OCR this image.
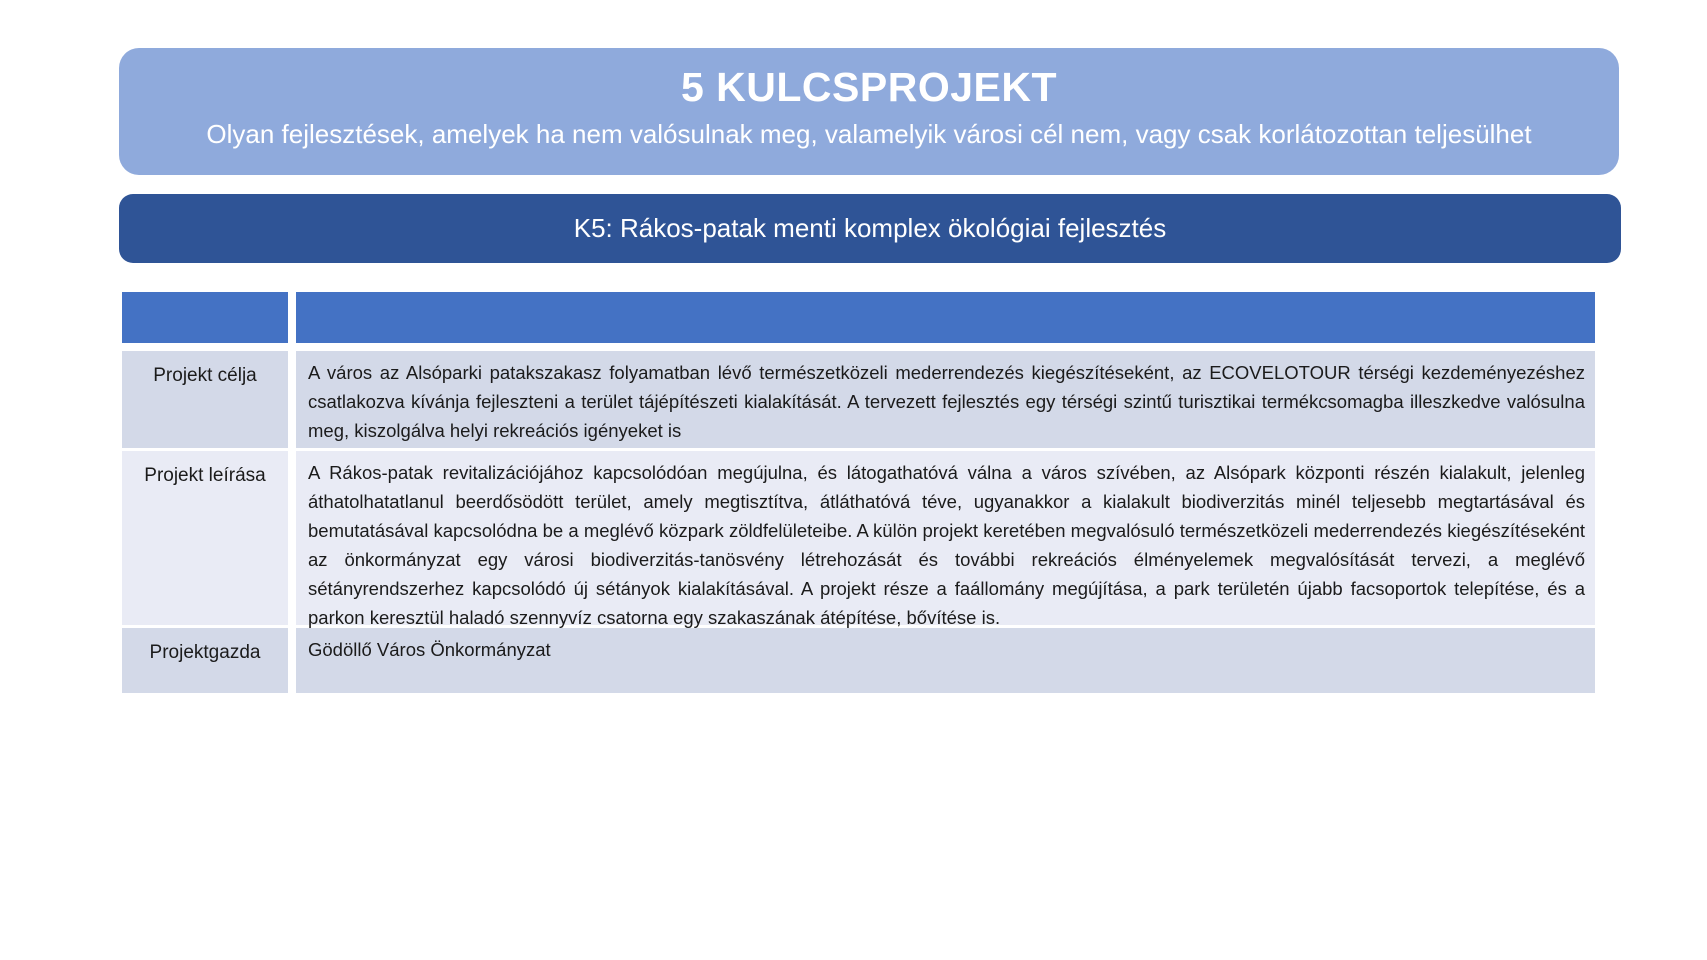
5 KULCSPROJEKT
Olyan fejlesztések, amelyek ha nem valósulnak meg, valamelyik városi cél nem, vagy csak korlátozottan teljesülhet
K5: Rákos-patak menti komplex ökológiai fejlesztés
Projekt célja	A város az Alsóparki patakszakasz folyamatban lévő természetközeli mederrendezés kiegészítéseként, az ECOVELOTOUR térségi kezdeményezéshez csatlakozva kívánja fejleszteni a terület tájépítészeti kialakítását. A tervezett fejlesztés egy térségi szintű turisztikai termékcsomagba illeszkedve valósulna meg, kiszolgálva helyi rekreációs igényeket is
Projekt leírása	A Rákos-patak revitalizációjához kapcsolódóan megújulna, és látogathatóvá válna a város szívében, az Alsópark központi részén kialakult, jelenleg áthatolhatatlanul beerdősödött terület, amely megtisztítva, átláthatóvá téve, ugyanakkor a kialakult biodiverzitás minél teljesebb megtartásával és bemutatásával kapcsolódna be a meglévő közpark zöldfelületeibe. A külön projekt keretében megvalósuló természetközeli mederrendezés kiegészítéseként az önkormányzat egy városi biodiverzitás-tanösvény létrehozását és további rekreációs élményelemek megvalósítását tervezi, a meglévő sétányrendszerhez kapcsolódó új sétányok kialakításával. A projekt része a faállomány megújítása, a park területén újabb facsoportok telepítése, és a parkon keresztül haladó szennyvíz csatorna egy szakaszának átépítése, bővítése is.
Projektgazda	Gödöllő Város Önkormányzat
